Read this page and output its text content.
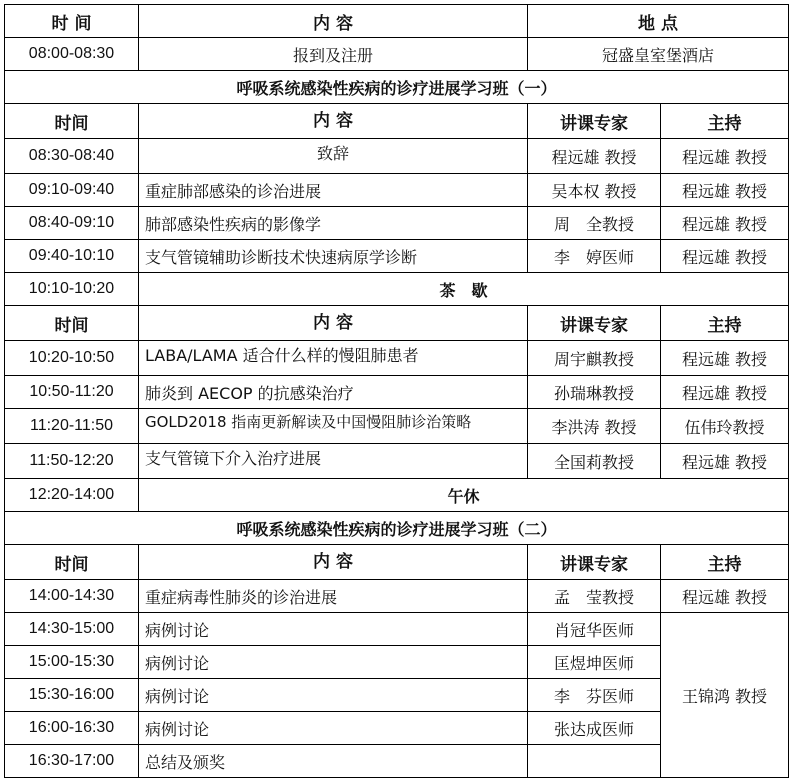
时 间	内 容	地 点	
08:00-08:30	报到及注册	冠盛皇室堡酒店	
呼吸系统感染性疾病的诊疗进展学习班（一）			
时间	内 容	讲课专家	主持
08:30-08:40	致辞	程远雄 教授	程远雄 教授
09:10-09:40	重症肺部感染的诊治进展	吴本权 教授	程远雄 教授
08:40-09:10	肺部感染性疾病的影像学	周　全教授	程远雄 教授
09:40-10:10	支气管镜辅助诊断技术快速病原学诊断	李　婷医师	程远雄 教授
10:10-10:20	茶　歇		
时间	内 容	讲课专家	主持
10:20-10:50	LABA/LAMA 适合什么样的慢阻肺患者	周宇麒教授	程远雄 教授
10:50-11:20	肺炎到 AECOP 的抗感染治疗	孙瑞琳教授	程远雄 教授
11:20-11:50	GOLD2018 指南更新解读及中国慢阻肺诊治策略	李洪涛 教授	伍伟玲教授
11:50-12:20	支气管镜下介入治疗进展	全国莉教授	程远雄 教授
12:20-14:00	午休		
呼吸系统感染性疾病的诊疗进展学习班（二）			
时间	内 容	讲课专家	主持
14:00-14:30	重症病毒性肺炎的诊治进展	孟　莹教授	程远雄 教授
14:30-15:00	病例讨论	肖冠华医师	王锦鸿 教授
15:00-15:30	病例讨论	匡煜坤医师	
15:30-16:00	病例讨论	李　芬医师	
16:00-16:30	病例讨论	张达成医师	
16:30-17:00	总结及颁奖		
